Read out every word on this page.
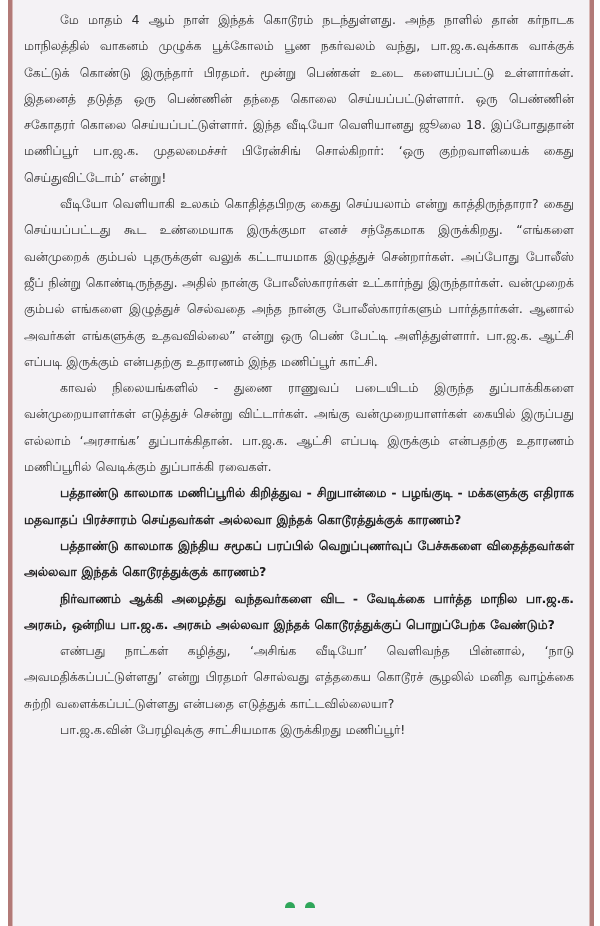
மே மாதம் 4 ஆம் நாள் இந்தக் கொடூரம் நடந்துள்ளது. அந்த நாளில் தான் கர்நாடக மாநிலத்தில் வாகனம் முழுக்க பூக்கோலம் பூண நகர்வலம் வந்து, பா.ஜ.க.வுக்காக வாக்குக் கேட்டுக் கொண்டு இருந்தார் பிரதமர். மூன்று பெண்கள் உடை களையப்பட்டு உள்ளார்கள். இதனைத் தடுத்த ஒரு பெண்ணின் தந்தை கொலை செய்யப்பட்டுள்ளார். ஒரு பெண்ணின் சகோதரர் கொலை செய்யப்பட்டுள்ளார். இந்த வீடியோ வெளியானது ஜூலை 18. இப்போதுதான் மணிப்பூர் பா.ஜ.க. முதலமைச்சர் பிரேன்சிங் சொல்கிறார்: ‘ஒரு குற்றவாளியைக் கைது செய்துவிட்டோம்’ என்று!

வீடியோ வெளியாகி உலகம் கொதித்தபிறகு கைது செய்யலாம் என்று காத்திருந்தாரா? கைது செய்யப்பட்டது கூட உண்மையாக இருக்குமா எனச் சந்தேகமாக இருக்கிறது. “எங்களை வன்முறைக் கும்பல் புதருக்குள் வலுக் கட்டாயமாக இழுத்துச் சென்றார்கள். அப்போது போலீஸ் ஜீப் நின்று கொண்டிருந்தது. அதில் நான்கு போலீஸ்காரர்கள் உட்கார்ந்து இருந்தார்கள். வன்முறைக் கும்பல் எங்களை இழுத்துச் செல்வதை அந்த நான்கு போலீஸ்காரர்களும் பார்த்தார்கள். ஆனால் அவர்கள் எங்களுக்கு உதவவில்லை” என்று ஒரு பெண் பேட்டி அளித்துள்ளார். பா.ஜ.க. ஆட்சி எப்படி இருக்கும் என்பதற்கு உதாரணம் இந்த மணிப்பூர் காட்சி.

காவல் நிலையங்களில் - துணை ராணுவப் படையிடம் இருந்த துப்பாக்கிகளை வன்முறையாளர்கள் எடுத்துச் சென்று விட்டார்கள். அங்கு வன்முறையாளர்கள் கையில் இருப்பது எல்லாம் ‘அரசாங்க’ துப்பாக்கிதான். பா.ஜ.க. ஆட்சி எப்படி இருக்கும் என்பதற்கு உதாரணம் மணிப்பூரில் வெடிக்கும் துப்பாக்கி ரவைகள்.

பத்தாண்டு காலமாக மணிப்பூரில் கிறித்துவ - சிறுபான்மை - பழங்குடி - மக்களுக்கு எதிராக மதவாதப் பிரச்சாரம் செய்தவர்கள் அல்லவா இந்தக் கொடூரத்துக்குக் காரணம்?

பத்தாண்டு காலமாக இந்திய சமூகப் பரப்பில் வெறுப்புணர்வுப் பேச்சுகளை விதைத்தவர்கள் அல்லவா இந்தக் கொடூரத்துக்குக் காரணம்?

நிர்வாணம் ஆக்கி அழைத்து வந்தவர்களை விட - வேடிக்கை பார்த்த மாநில பா.ஜ.க. அரசும், ஒன்றிய பா.ஜ.க. அரசும் அல்லவா இந்தக் கொடூரத்துக்குப் பொறுப்பேற்க வேண்டும்?

எண்பது நாட்கள் கழித்து, ‘அசிங்க வீடியோ’ வெளிவந்த பின்னால், ‘நாடு அவமதிக்கப்பட்டுள்ளது’ என்று பிரதமர் சொல்வது எத்தகைய கொடூரச் சூழலில் மனித வாழ்க்கை சுற்றி வளைக்கப்பட்டுள்ளது என்பதை எடுத்துக் காட்டவில்லையா?

பா.ஜ.க.வின் பேரழிவுக்கு சாட்சியமாக இருக்கிறது மணிப்பூர்!
